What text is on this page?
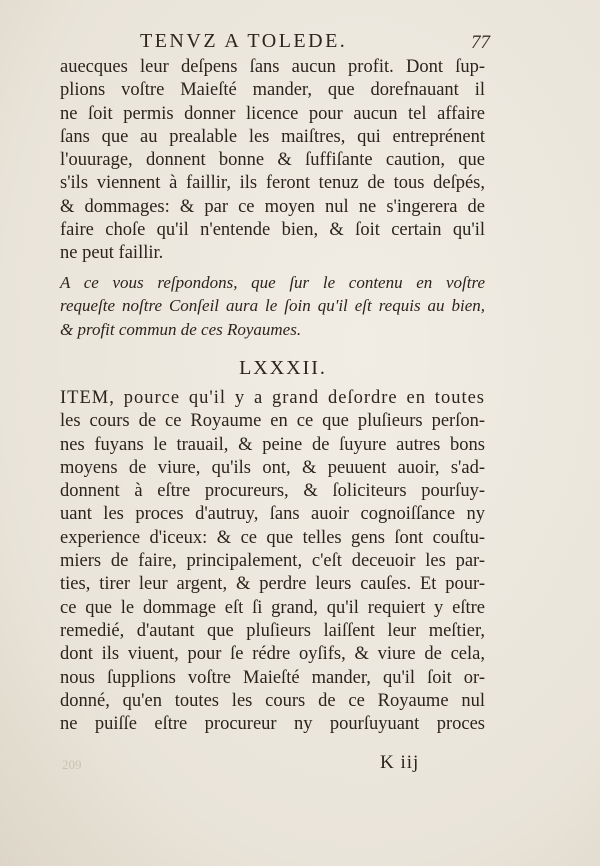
TENVZ A TOLEDE.	77
auecques leur deſpens ſans aucun profit. Dont ſup-
plions voſtre Maieſté mander, que dorefnauant il
ne ſoit permis donner licence pour aucun tel affaire
ſans que au prealable les maiſtres, qui entreprénent
l'ouurage, donnent bonne & ſuffiſante caution, que
s'ils viennent à faillir, ils feront tenuz de tous deſpés,
& dommages: & par ce moyen nul ne s'ingerera de
faire choſe qu'il n'entende bien, & ſoit certain qu'il
ne peut faillir.
A ce vous reſpondons, que ſur le contenu en voſtre
requeſte noſtre Conſeil aura le ſoin qu'il eſt requis au bien,
& profit commun de ces Royaumes.
LXXXII.
ITEM, pource qu'il y a grand deſordre en toutes
les cours de ce Royaume en ce que pluſieurs perſon-
nes fuyans le trauail, & peine de ſuyure autres bons
moyens de viure, qu'ils ont, & peuuent auoir, s'ad-
donnent à eſtre procureurs, & ſoliciteurs pourſuy-
uant les proces d'autruy, ſans auoir cognoiſſance ny
experience d'iceux: & ce que telles gens ſont couſtu-
miers de faire, principalement, c'eſt deceuoir les par-
ties, tirer leur argent, & perdre leurs cauſes. Et pour-
ce que le dommage eſt ſi grand, qu'il requiert y eſtre
remedié, d'autant que pluſieurs laiſſent leur meſtier,
dont ils viuent, pour ſe rédre oyſifs, & viure de cela,
nous ſupplions voſtre Maieſté mander, qu'il ſoit or-
donné, qu'en toutes les cours de ce Royaume nul
ne puiſſe eſtre procureur ny pourſuyuant proces
209	K iij
